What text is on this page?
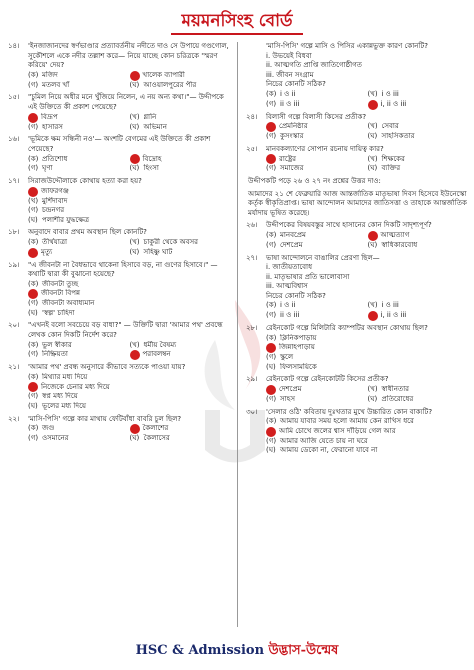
ময়মনসিংহ বোর্ড
১৪।	'ইনজাজানদের স্বর্ণভাণ্ডার প্রত্যাবর্তনীয় নদীতে দাও সে উপায়ে গণ্ডগোল, সুকৌশলে একে নদীর তল্লাশ করে— নিয়ে যাচ্ছে কোন চরিত্রকে 'স্মরণ করিয়ে' দেয়?
(ক) মজিদ	খালেক ব্যাপারী
(গ) মতলব খাঁ	(ঘ) আওয়ালপুরের পীর
১৫।	"চুমিল নিয়ে অধীর মনে খুঁজিয়ে নিলেন, এ নয় অন্য কথা।"— উদ্দীপকে এই উক্তিতে কী প্রকাশ পেয়েছে?
বিদ্রূপ	(খ) গ্লানি
(গ) হাসারস	(ঘ) অভিমান
১৬।	'ভূমিকে ক্ষম সন্ধিনী নও'— অংশটি বেগমের এই উক্তিতে কী প্রকাশ পেয়েছে?
(ক) প্রতিশোধ	বিদ্রোহ
(গ) ঘৃণা	(ঘ) হিংসা
১৭।	সিরাজউদ্দৌলাকে কোথায় হত্যা করা হয়?
জাফরগঞ্জ
(খ) মুর্শিদাবাদ
(গ) চন্দ্রনগর
(ঘ) পলাশীর যুদ্ধক্ষেত্র
১৮।	অনুবাদে বাবার প্রথম অবস্থান ছিল কোনটি?
(ক) তীর্থযাত্রা	(খ) চাকুরী থেকে অবসর
মৃত্যু	(ঘ) সহিষ্ণু ঘাট
১৯।	"এ জীবনটা না বৈধভাবে থাকেনা হিসাবে বড়, না গুণের হিসাবে।" —কথাটি দ্বারা কী বুঝানো হয়েছে?
(ক) জীবনটা তুচ্ছ
জীবনটা বিপন্ন
(গ) জীবনটা অবাধ্যমান
(ঘ) 'স্বল্প' চাহিদা
২০।	"এখনই বলো সবচেয়ে বড় বাধা?" — উক্তিটি দ্বারা 'আমার পথ' প্রবন্ধে লেখক কোন দিকটি নির্দেশ করে?
(ক) ভুল স্বীকার	(খ) ধর্মীয় বৈষম্য
(গ) নিষ্ক্রিয়তা	পরাবলম্বন
২১।	'আমার পথ' প্রবন্ধ অনুসারে কীভাবে সত্যকে পাওয়া যায়?
(ক) মিথ্যার মধ্য দিয়ে
নিজেকে চেনার মধ্য দিয়ে
(গ) স্বপ্ন মধ্য দিয়ে
(ঘ) ভূলের মধ্য দিয়ে
২২।	'মাসি-পিসি' গল্পে কার মাথায় ফেটিবাঁধা বাবরি চুল ছিল?
(ক) জগু	কৈলাশের
(গ) ওসমানের	(ঘ) কৈলাসের
'মাসি-পিসি' গল্পে মাসি ও পিসির একান্নভুক্ত কারণ কোনটি?
i. উভয়েই বিধবা
ii. আত্মগতি প্রাপ্তি জাতিগোষ্ঠীগত
iii. জীবন সংগ্রাম
নিচের কোনটি সঠিক?
(ক) i ও ii	(খ) i ও iii
(গ) ii ও iii	i, ii ও iii
২৪।	বিলাসী গল্পে বিলাসী কিসের প্রতীক?
প্রেমনিষ্ঠার	(খ) সেবার
(গ) কুসংস্কার	(ঘ) সাহসিকতার
২৫।	মানবকল্যাণের সোপান রচনায় দায়িত্ব কার?
রাষ্ট্রের	(খ) শিক্ষকের
(গ) সমাজের	(ঘ) ব্যক্তির
উদ্দীপকটি পড়ে ২৬ ও ২৭ নং প্রশ্নের উত্তর দাও:
আমাদের ২১ শে ফেব্রুয়ারি আজ আন্তর্জাতিক মাতৃভাষা দিবস হিসেবে ইউনেস্কো কর্তৃক স্বীকৃতিপ্রাপ্ত। ভাষা আন্দোলন আমাদের জাতিসত্তা ও তাহাকে আন্তর্জাতিক মর্যাদায় ভূষিত করেছে।
২৬।	উদ্দীপকের বিষয়বস্তুর সাথে হাসানের কোন দিকটি সাদৃশ্যপূর্ণ?
(ক) মানবপ্রেম	আত্মত্যাগ
(গ) দেশপ্রেম	(ঘ) স্বাধিকারবোধ
২৭।	ভাষা আন্দোলনে বাঙালির প্রেরণা ছিল—
i. জাতীয়তাবোধ
ii. মাতৃভাষার প্রতি ভালোবাসা
iii. আত্মবিশ্বাস
নিচের কোনটি সঠিক?
(ক) i ও ii	(খ) i ও iii
(গ) ii ও iii	i, ii ও iii
২৮।	রেইনকোট গল্পে মিলিটারি ক্যাম্পটির অবস্থান কোথায় ছিল?
(ক) ক্লিনিকপাড়ায়
জিন্নাহপাড়ায়
(গ) স্কুলে
(ঘ) ফিলসাময়িকে
২৯।	রেইনকোট গল্পে রেইনকোটটি কিসের প্রতীক?
দেশপ্রেম	(খ) স্বাধীনতার
(গ) সাহস	(ঘ) প্রতিরোধের
৩০।	'সেলার ওঠি' কবিতায় দুঃখতার মুখে উচ্চারিত কোন বাক্যটি?
(ক) আমায় যাবার সময় হলো আমায় কেন রাখিস ধরে
আমি চোখে জলের শ্বাস দাঁড়িয়ে গেল আর
(গ) আমার আজি যেতে চায় না ঘরে
(ঘ) আমায় ডেকো না, ফেরানো যাবে না
HSC & Admission উদ্ভাস-উন্মেষ
